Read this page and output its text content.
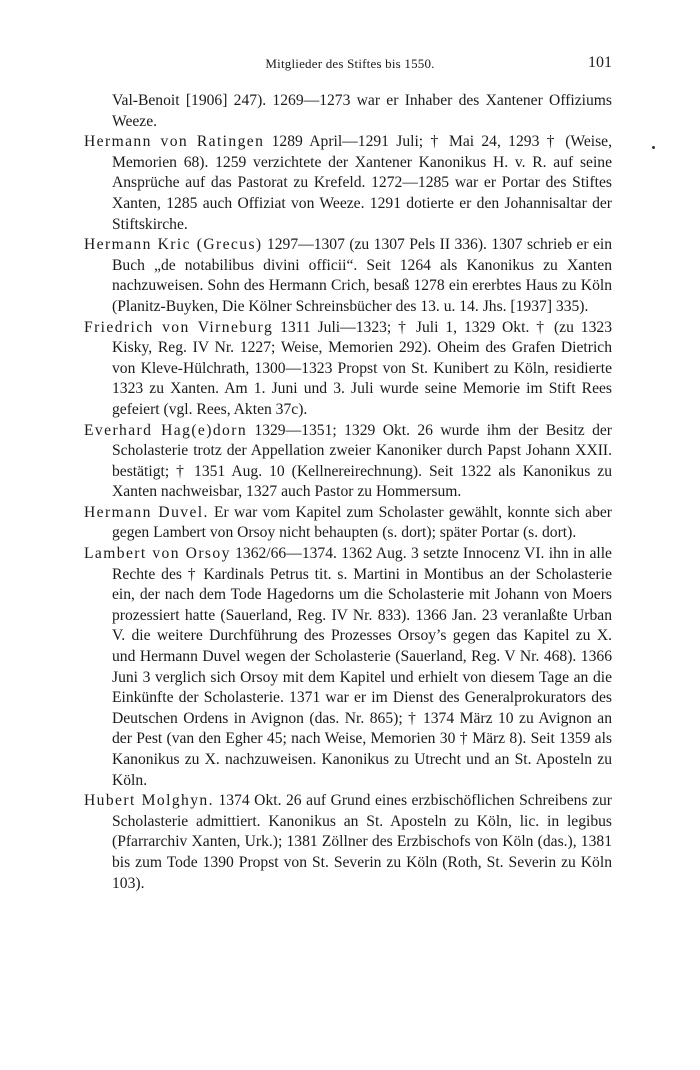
Mitglieder des Stiftes bis 1550.	101

Val-Benoit [1906] 247). 1269—1273 war er Inhaber des Xantener Offiziums Weeze.

Hermann von Ratingen 1289 April—1291 Juli; † Mai 24, 1293 † (Weise, Memorien 68). 1259 verzichtete der Xantener Kanonikus H. v. R. auf seine Ansprüche auf das Pastorat zu Krefeld. 1272—1285 war er Portar des Stiftes Xanten, 1285 auch Offiziat von Weeze. 1291 dotierte er den Johannisaltar der Stiftskirche.

Hermann Kric (Grecus) 1297—1307 (zu 1307 Pels II 336). 1307 schrieb er ein Buch „de notabilibus divini officii“. Seit 1264 als Kanonikus zu Xanten nachzuweisen. Sohn des Hermann Crich, besaß 1278 ein ererbtes Haus zu Köln (Planitz-Buyken, Die Kölner Schreinsbücher des 13. u. 14. Jhs. [1937] 335).

Friedrich von Virneburg 1311 Juli—1323; † Juli 1, 1329 Okt. † (zu 1323 Kisky, Reg. IV Nr. 1227; Weise, Memorien 292). Oheim des Grafen Dietrich von Kleve-Hülchrath, 1300—1323 Propst von St. Kunibert zu Köln, residierte 1323 zu Xanten. Am 1. Juni und 3. Juli wurde seine Memorie im Stift Rees gefeiert (vgl. Rees, Akten 37c).

Everhard Hag(e)dorn 1329—1351; 1329 Okt. 26 wurde ihm der Besitz der Scholasterie trotz der Appellation zweier Kanoniker durch Papst Johann XXII. bestätigt; † 1351 Aug. 10 (Kellnereirechnung). Seit 1322 als Kanonikus zu Xanten nachweisbar, 1327 auch Pastor zu Hommersum.

Hermann Duvel. Er war vom Kapitel zum Scholaster gewählt, konnte sich aber gegen Lambert von Orsoy nicht behaupten (s. dort); später Portar (s. dort).

Lambert von Orsoy 1362/66—1374. 1362 Aug. 3 setzte Innocenz VI. ihn in alle Rechte des † Kardinals Petrus tit. s. Martini in Montibus an der Scholasterie ein, der nach dem Tode Hagedorns um die Scholasterie mit Johann von Moers prozessiert hatte (Sauerland, Reg. IV Nr. 833). 1366 Jan. 23 veranlaßte Urban V. die weitere Durchführung des Prozesses Orsoy’s gegen das Kapitel zu X. und Hermann Duvel wegen der Scholasterie (Sauerland, Reg. V Nr. 468). 1366 Juni 3 verglich sich Orsoy mit dem Kapitel und erhielt von diesem Tage an die Einkünfte der Scholasterie. 1371 war er im Dienst des Generalprokurators des Deutschen Ordens in Avignon (das. Nr. 865); † 1374 März 10 zu Avignon an der Pest (van den Egher 45; nach Weise, Memorien 30 † März 8). Seit 1359 als Kanonikus zu X. nachzuweisen. Kanonikus zu Utrecht und an St. Aposteln zu Köln.

Hubert Molghyn. 1374 Okt. 26 auf Grund eines erzbischöflichen Schreibens zur Scholasterie admittiert. Kanonikus an St. Aposteln zu Köln, lic. in legibus (Pfarrarchiv Xanten, Urk.); 1381 Zöllner des Erzbischofs von Köln (das.), 1381 bis zum Tode 1390 Propst von St. Severin zu Köln (Roth, St. Severin zu Köln 103).
